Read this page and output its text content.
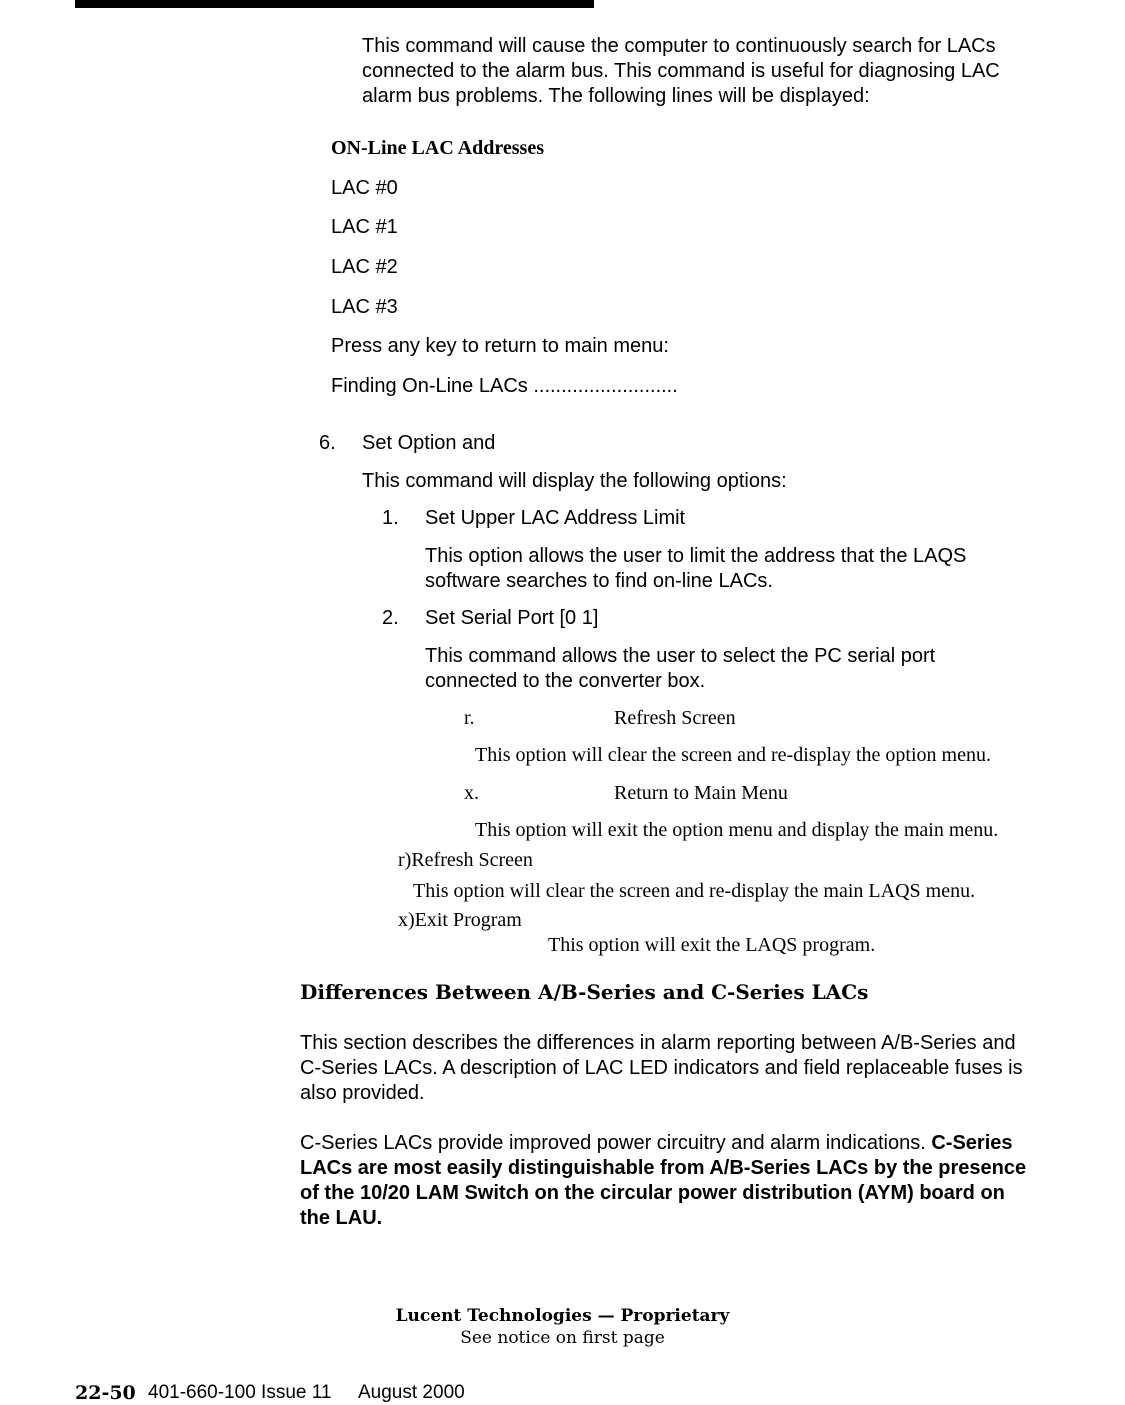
This command will cause the computer to continuously search for LACs
connected to the alarm bus. This command is useful for diagnosing LAC
alarm bus problems. The following lines will be displayed:
ON-Line LAC Addresses
LAC #0
LAC #1
LAC #2
LAC #3
Press any key to return to main menu:
Finding On-Line LACs ..........................
6. Set Option and
This command will display the following options:
1. Set Upper LAC Address Limit
This option allows the user to limit the address that the LAQS
software searches to find on-line LACs.
2. Set Serial Port [0 1]
This command allows the user to select the PC serial port
connected to the converter box.
r.	Refresh Screen
This option will clear the screen and re-display the option menu.
x.	Return to Main Menu
This option will exit the option menu and display the main menu.
r)Refresh Screen
This option will clear the screen and re-display the main LAQS menu.
x)Exit Program
This option will exit the LAQS program.
Differences Between A/B-Series and C-Series LACs
This section describes the differences in alarm reporting between A/B-Series and
C-Series LACs. A description of LAC LED indicators and field replaceable fuses is
also provided.
C-Series LACs provide improved power circuitry and alarm indications. C-Series
LACs are most easily distinguishable from A/B-Series LACs by the presence
of the 10/20 LAM Switch on the circular power distribution (AYM) board on
the LAU.
Lucent Technologies — Proprietary
See notice on first page
22-50 401-660-100 Issue 11 August 2000
